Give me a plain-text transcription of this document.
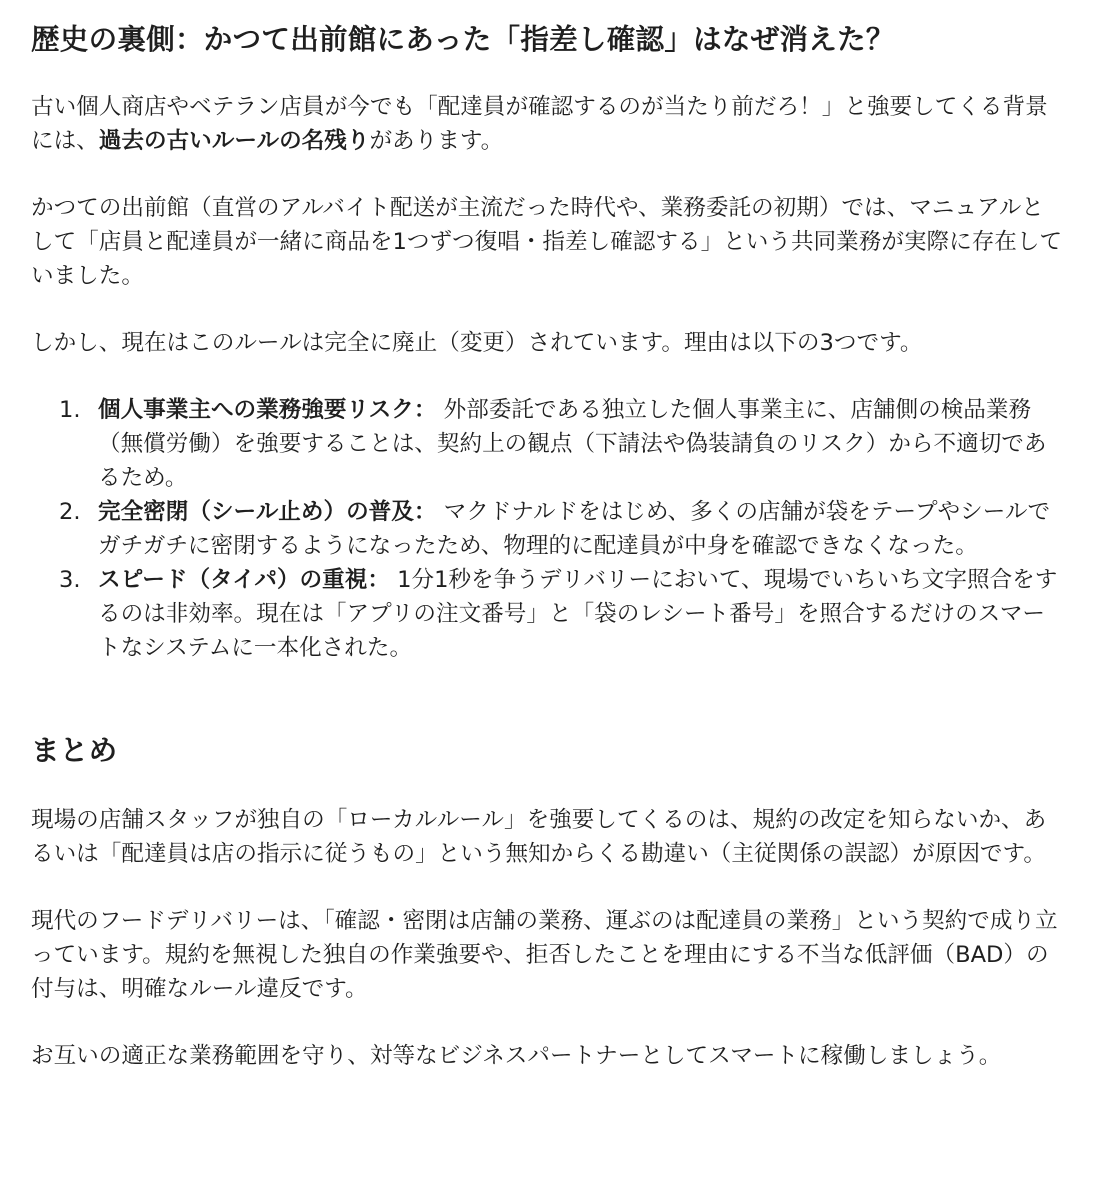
歴史の裏側：かつて出前館にあった「指差し確認」はなぜ消えた？

古い個人商店やベテラン店員が今でも「配達員が確認するのが当たり前だろ！」と強要してくる背景には、過去の古いルールの名残りがあります。

かつての出前館（直営のアルバイト配送が主流だった時代や、業務委託の初期）では、マニュアルとして「店員と配達員が一緒に商品を1つずつ復唱・指差し確認する」という共同業務が実際に存在していました。

しかし、現在はこのルールは完全に廃止（変更）されています。理由は以下の3つです。

1. 個人事業主への業務強要リスク： 外部委託である独立した個人事業主に、店舗側の検品業務（無償労働）を強要することは、契約上の観点（下請法や偽装請負のリスク）から不適切であるため。
2. 完全密閉（シール止め）の普及： マクドナルドをはじめ、多くの店舗が袋をテープやシールでガチガチに密閉するようになったため、物理的に配達員が中身を確認できなくなった。
3. スピード（タイパ）の重視： 1分1秒を争うデリバリーにおいて、現場でいちいち文字照合をするのは非効率。現在は「アプリの注文番号」と「袋のレシート番号」を照合するだけのスマートなシステムに一本化された。
まとめ

現場の店舗スタッフが独自の「ローカルルール」を強要してくるのは、規約の改定を知らないか、あるいは「配達員は店の指示に従うもの」という無知からくる勘違い（主従関係の誤認）が原因です。

現代のフードデリバリーは、「確認・密閉は店舗の業務、運ぶのは配達員の業務」という契約で成り立っています。規約を無視した独自の作業強要や、拒否したことを理由にする不当な低評価（BAD）の付与は、明確なルール違反です。

お互いの適正な業務範囲を守り、対等なビジネスパートナーとしてスマートに稼働しましょう。
